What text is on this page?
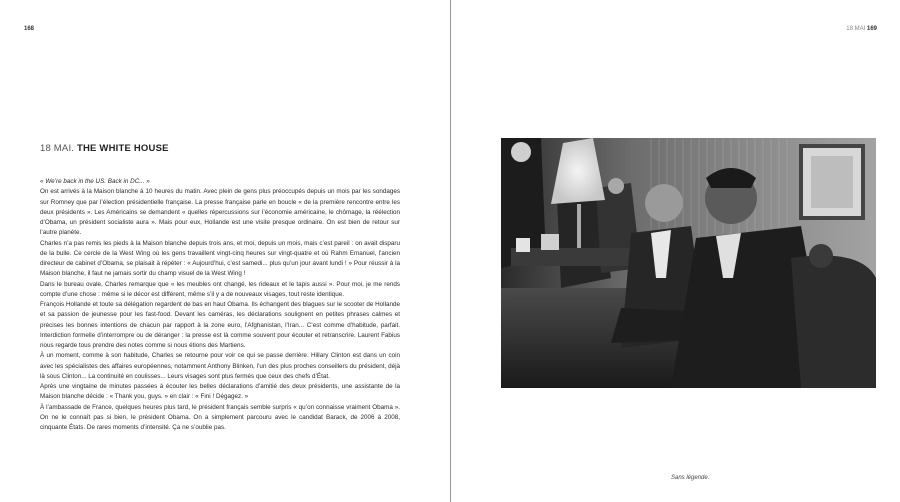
168
18 MAI. THE WHITE HOUSE

« We’re back in the US. Back in DC... »

On est arrivés à la Maison blanche à 10 heures du matin. Avec plein de gens plus préoccupés depuis un mois par les sondages sur Romney que par l’élection présidentielle française. La presse française parle en boucle « de la première rencontre entre les deux présidents ». Les Américains se demandent « quelles répercussions sur l’économie américaine, le chômage, la réélection d’Obama, un président socialiste aura ». Mais pour eux, Hollande est une visite presque ordinaire. On est bien de retour sur l’autre planète.

Charles n’a pas remis les pieds à la Maison blanche depuis trois ans, et moi, depuis un mois, mais c’est pareil : on avait disparu de la bulle. Ce cercle de la West Wing où les gens travaillent vingt-cinq heures sur vingt-quatre et où Rahm Emanuel, l’ancien directeur de cabinet d’Obama, se plaisait à répéter : « Aujourd’hui, c’est samedi... plus qu’un jour avant lundi ! » Pour réussir à la Maison blanche, il faut ne jamais sortir du champ visuel de la West Wing !

Dans le bureau ovale, Charles remarque que « les meubles ont changé, les rideaux et le tapis aussi ». Pour moi, je me rends compte d’une chose : même si le décor est différent, même s’il y a de nouveaux visages, tout reste identique.

François Hollande et toute sa délégation regardent de bas en haut Obama. Ils échangent des blagues sur le scooter de Hollande et sa passion de jeunesse pour les fast-food. Devant les caméras, les déclarations soulignent en petites phrases calmes et précises les bonnes intentions de chacun par rapport à la zone euro, l’Afghanistan, l’Iran... C’est comme d’habitude, parfait. Interdiction formelle d’interrompre ou de déranger : la presse est là comme souvent pour écouter et retranscrire. Laurent Fabius nous regarde tous prendre des notes comme si nous étions des Martiens.

À un moment, comme à son habitude, Charles se retourne pour voir ce qui se passe derrière. Hillary Clinton est dans un coin avec les spécialistes des affaires européennes, notamment Anthony Blinken, l’un des plus proches conseillers du président, déjà là sous Clinton... La continuité en coulisses... Leurs visages sont plus fermés que ceux des chefs d’État.

Après une vingtaine de minutes passées à écouter les belles déclarations d’amitié des deux présidents, une assistante de la Maison blanche décide : « Thank you, guys. » en clair : « Fini ! Dégagez. »

À l’ambassade de France, quelques heures plus tard, le président français semble surpris « qu’on connaisse vraiment Obama ». On ne le connaît pas si bien, le président Obama. On a simplement parcouru avec le candidat Barack, de 2006 à 2008, cinquante États. De rares moments d’intensité. Ça ne s’oublie pas.

18 MAI 169
Sans légende.
